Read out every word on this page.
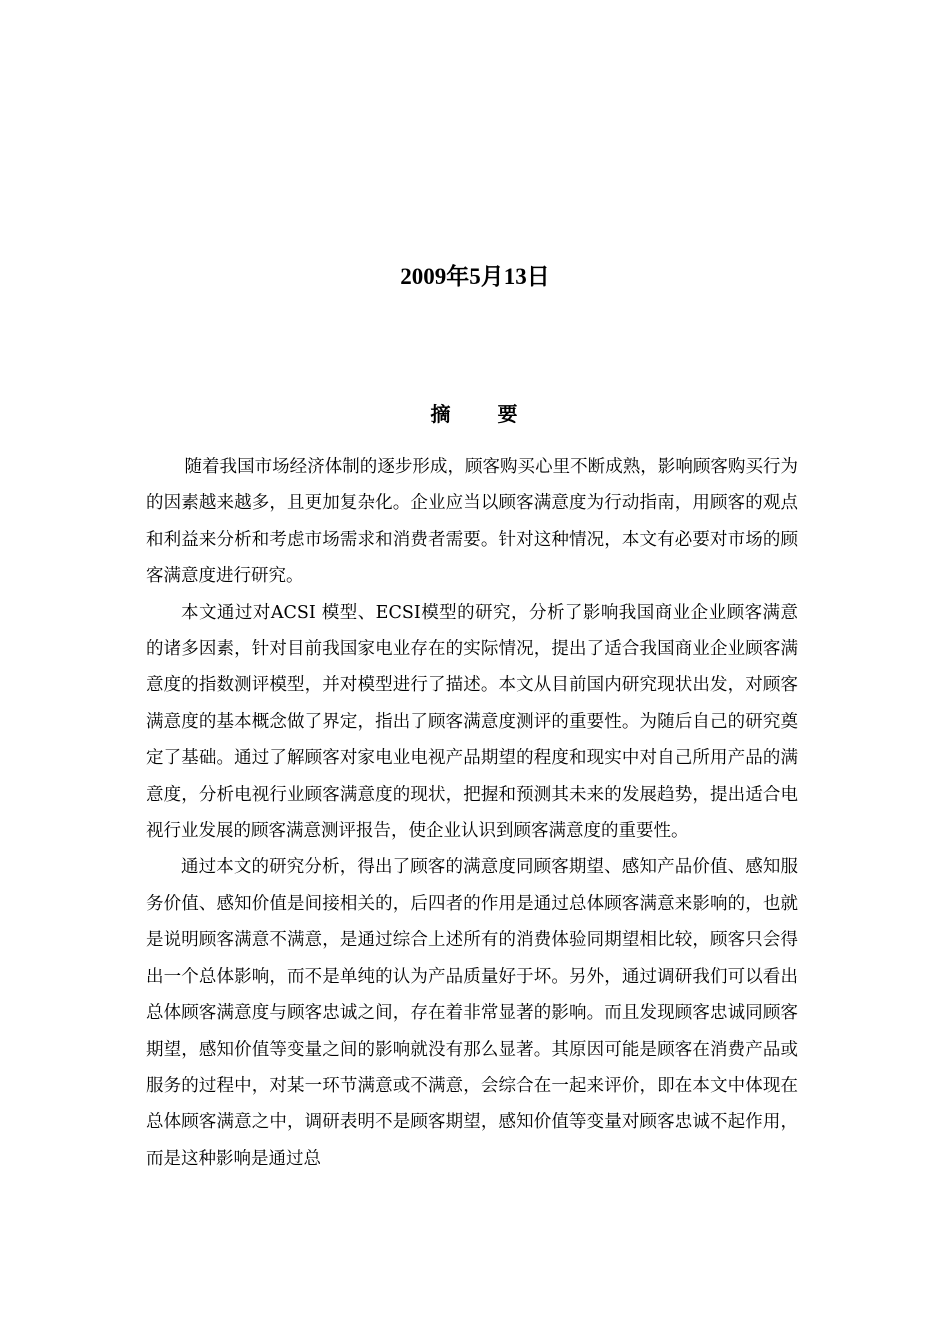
2009年5月13日
摘 要

随着我国市场经济体制的逐步形成，顾客购买心里不断成熟，影响顾客购买行为的因素越来越多，且更加复杂化。企业应当以顾客满意度为行动指南，用顾客的观点和利益来分析和考虑市场需求和消费者需要。针对这种情况，本文有必要对市场的顾客满意度进行研究。

本文通过对ACSI 模型、ECSI模型的研究，分析了影响我国商业企业顾客满意的诸多因素，针对目前我国家电业存在的实际情况，提出了适合我国商业企业顾客满意度的指数测评模型，并对模型进行了描述。本文从目前国内研究现状出发，对顾客满意度的基本概念做了界定，指出了顾客满意度测评的重要性。为随后自己的研究奠定了基础。通过了解顾客对家电业电视产品期望的程度和现实中对自己所用产品的满意度，分析电视行业顾客满意度的现状，把握和预测其未来的发展趋势，提出适合电视行业发展的顾客满意测评报告，使企业认识到顾客满意度的重要性。

通过本文的研究分析，得出了顾客的满意度同顾客期望、感知产品价值、感知服务价值、感知价值是间接相关的，后四者的作用是通过总体顾客满意来影响的，也就是说明顾客满意不满意，是通过综合上述所有的消费体验同期望相比较，顾客只会得出一个总体影响，而不是单纯的认为产品质量好于坏。另外，通过调研我们可以看出总体顾客满意度与顾客忠诚之间，存在着非常显著的影响。而且发现顾客忠诚同顾客期望，感知价值等变量之间的影响就没有那么显著。其原因可能是顾客在消费产品或服务的过程中，对某一环节满意或不满意，会综合在一起来评价，即在本文中体现在总体顾客满意之中，调研表明不是顾客期望，感知价值等变量对顾客忠诚不起作用，而是这种影响是通过总
